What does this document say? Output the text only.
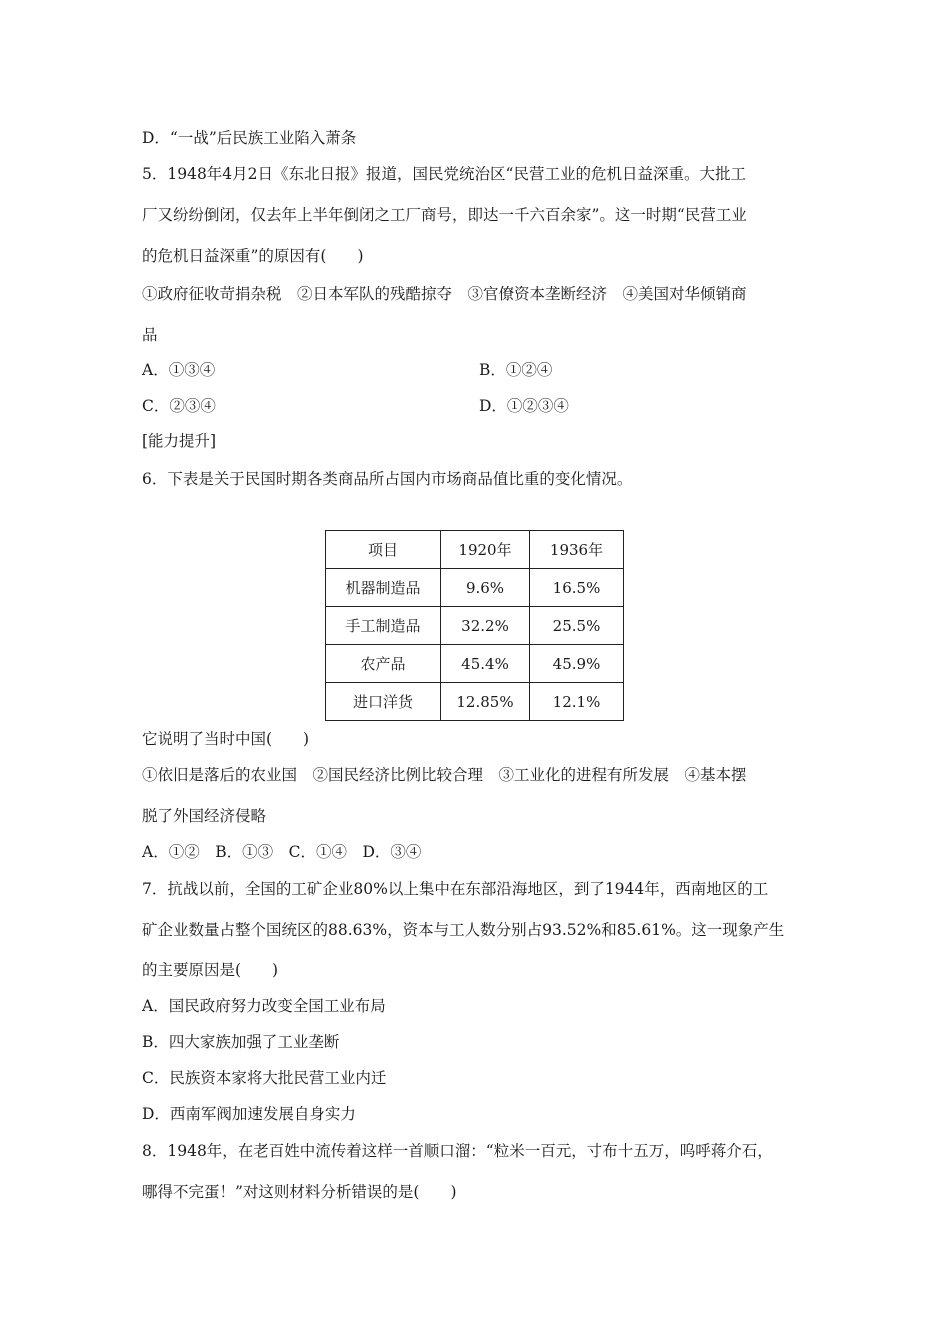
D．“一战”后民族工业陷入萧条
5．1948年4月2日《东北日报》报道，国民党统治区“民营工业的危机日益深重。大批工
厂又纷纷倒闭，仅去年上半年倒闭之工厂商号，即达一千六百余家”。这一时期“民营工业
的危机日益深重”的原因有(　　)
①政府征收苛捐杂税　②日本军队的残酷掠夺　③官僚资本垄断经济　④美国对华倾销商
品
A．①③④	B．①②④
C．②③④	D．①②③④
[能力提升]
6．下表是关于民国时期各类商品所占国内市场商品值比重的变化情况。
项目	1920年	1936年
机器制造品	9.6%	16.5%
手工制造品	32.2%	25.5%
农产品	45.4%	45.9%
进口洋货	12.85%	12.1%
它说明了当时中国(　　)
①依旧是落后的农业国　②国民经济比例比较合理　③工业化的进程有所发展　④基本摆
脱了外国经济侵略
A．①②　B．①③　C．①④　D．③④
7．抗战以前，全国的工矿企业80%以上集中在东部沿海地区，到了1944年，西南地区的工
矿企业数量占整个国统区的88.63%，资本与工人数分别占93.52%和85.61%。这一现象产生
的主要原因是(　　)
A．国民政府努力改变全国工业布局
B．四大家族加强了工业垄断
C．民族资本家将大批民营工业内迁
D．西南军阀加速发展自身实力
8．1948年，在老百姓中流传着这样一首顺口溜：“粒米一百元，寸布十五万，呜呼蒋介石，
哪得不完蛋！”对这则材料分析错误的是(　　)
